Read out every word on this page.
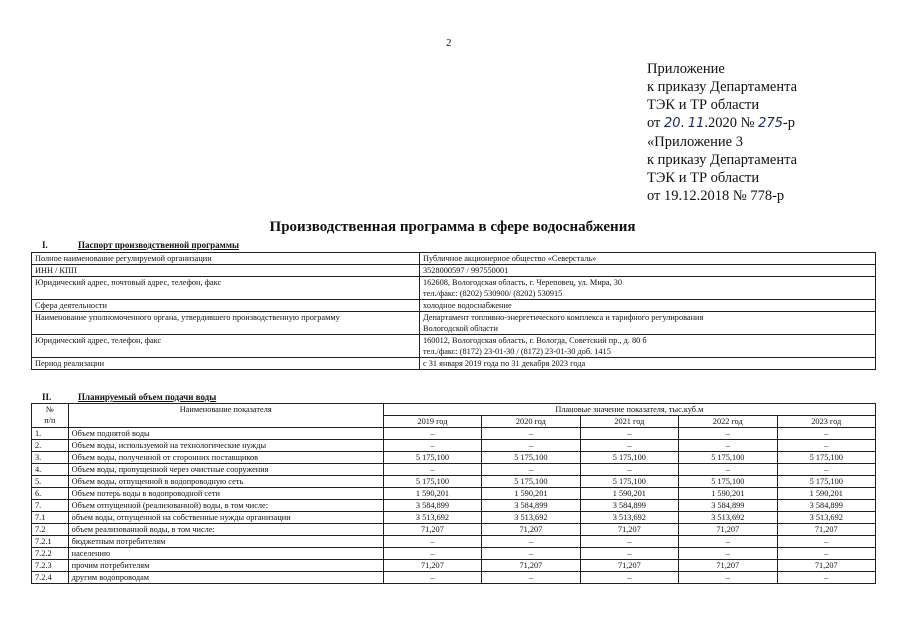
2
Приложение
к приказу Департамента
ТЭК и ТР области
от 20. 11.2020 № 275-р
«Приложение 3
к приказу Департамента
ТЭК и ТР области
от 19.12.2018 № 778-р
Производственная программа в сфере водоснабжения
I.	Паспорт производственной программы
Полное наименование регулируемой организации	Публичное акционерное общество «Северсталь»

ИНН / КПП	3528000597 / 997550001

Юридический адрес, почтовый адрес, телефон, факс	162608, Вологодская область, г. Череповец, ул. Мира, 30
тел./факс: (8202) 530900/ (8202) 530915

Сфера деятельности	холодное водоснабжение

Наименование уполномоченного органа, утвердившего производственную программу	Департамент топливно-энергетического комплекса и тарифного регулирования
Вологодской области

Юридический адрес, телефон, факс	160012, Вологодская область, г. Вологда, Советский пр., д. 80 б
тел./факс: (8172) 23-01-30 / (8172) 23-01-30 доб. 1415

Период реализации	с 31 января 2019 года по 31 декабря 2023 года
II.	Планируемый объем подачи воды
№
п/п	Наименование показателя	Плановые значение показателя, тыс.куб.м				
		2019 год	2020 год	2021 год	2022 год	2023 год
1.	Объем поднятой воды	–	–	–	–	–
2.	Объем воды, используемой на технологические нужды	–	–	–	–	–
3.	Объем воды, полученной от сторонних поставщиков	5 175,100	5 175,100	5 175,100	5 175,100	5 175,100
4.	Объем воды, пропущенной через очистные сооружения	–	–	–	–	–
5.	Объем воды, отпущенной в водопроводную сеть	5 175,100	5 175,100	5 175,100	5 175,100	5 175,100
6.	Объем потерь воды в водопроводной сети	1 590,201	1 590,201	1 590,201	1 590,201	1 590,201
7.	Объем отпущенной (реализованной) воды, в том числе:	3 584,899	3 584,899	3 584,899	3 584,899	3 584,899
7.1	объем воды, отпущенной на собственные нужды организации	3 513,692	3 513,692	3 513,692	3 513,692	3 513,692
7.2	объем реализованной воды, в том числе:	71,207	71,207	71,207	71,207	71,207
7.2.1	бюджетным потребителям	–	–	–	–	–
7.2.2	населению	–	–	–	–	–
7.2.3	прочим потребителям	71,207	71,207	71,207	71,207	71,207
7.2.4	другим водопроводам	–	–	–	–	–
